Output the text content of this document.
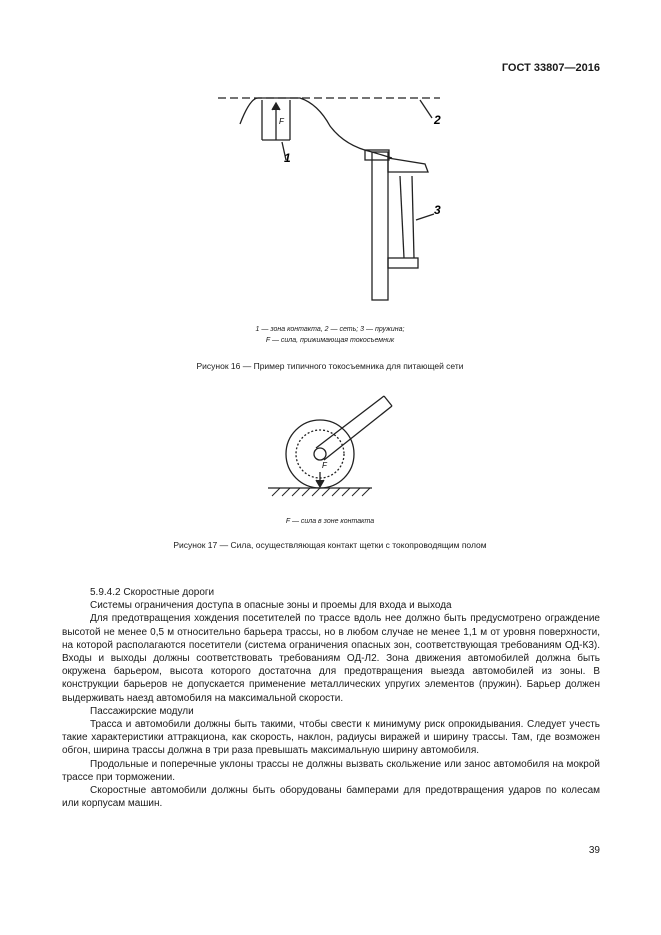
ГОСТ 33807—2016
1
2
3
F
1 — зона контакта, 2 — сеть; 3 — пружина;
F — сила, прижимающая токосъемник
Рисунок 16 — Пример типичного токосъемника для питающей сети
F
F — сила в зоне контакта
Рисунок 17 — Сила, осуществляющая контакт щетки с токопроводящим полом

5.9.4.2 Скоростные дороги

Системы ограничения доступа в опасные зоны и проемы для входа и выхода

Для предотвращения хождения посетителей по трассе вдоль нее должно быть предусмотрено ограждение высотой не менее 0,5 м относительно барьера трассы, но в любом случае не менее 1,1 м от уровня поверхности, на которой располагаются посетители (система ограничения опасных зон, соответствующая требованиям ОД-К3). Входы и выходы должны соответствовать требованиям ОД-Л2. Зона движения автомобилей должна быть окружена барьером, высота которого достаточна для предотвращения выезда автомобилей из зоны. В конструкции барьеров не допускается применение металлических упругих элементов (пружин). Барьер должен выдерживать наезд автомобиля на максимальной скорости.

Пассажирские модули

Трасса и автомобили должны быть такими, чтобы свести к минимуму риск опрокидывания. Следует учесть такие характеристики аттракциона, как скорость, наклон, радиусы виражей и ширину трассы. Там, где возможен обгон, ширина трассы должна в три раза превышать максимальную ширину автомобиля.

Продольные и поперечные уклоны трассы не должны вызвать скольжение или занос автомобиля на мокрой трассе при торможении.

Скоростные автомобили должны быть оборудованы бамперами для предотвращения ударов по колесам или корпусам машин.

39
